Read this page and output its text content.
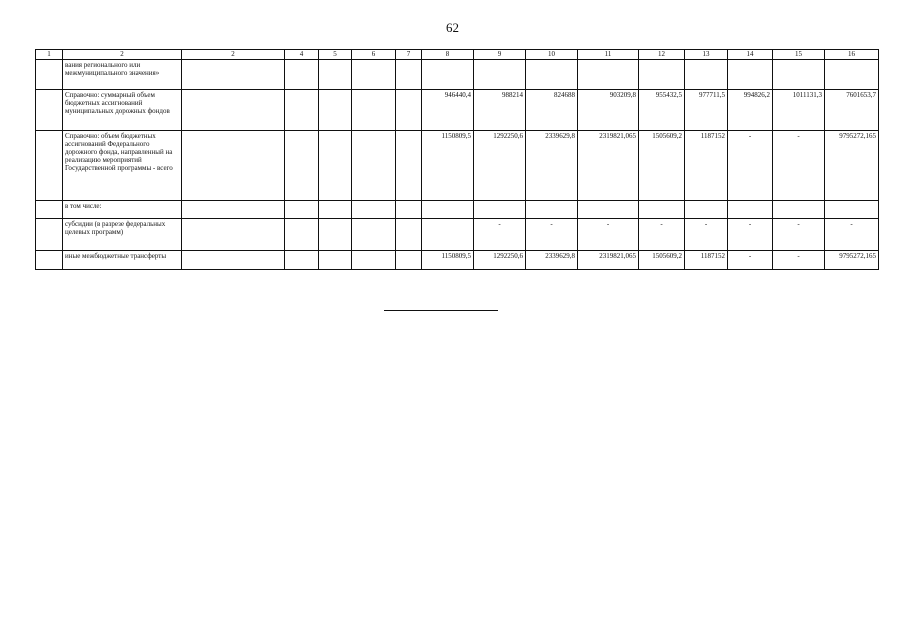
62
1	2	2	4	5	6	7	8	9	10	11	12	13	14	15	16
	вания регионального или межмуниципального значения»														
	Справочно: суммарный объем бюджетных ассигнований муниципальных дорожных фондов						946440,4	988214	824688	903209,8	955432,5	977711,5	994826,2	1011131,3	7601653,7
	Справочно: объем бюджетных ассигнований Федерального дорожного фонда, направленный на реализацию мероприятий Государственной программы - всего						1150809,5	1292250,6	2339629,8	2319821,065	1505609,2	1187152	-	-	9795272,165
	в том числе:														
	субсидии (в разрезе федеральных целевых программ)							-	-	-	-	-	-	-	-
	иные межбюджетные трансферты						1150809,5	1292250,6	2339629,8	2319821,065	1505609,2	1187152	-	-	9795272,165
